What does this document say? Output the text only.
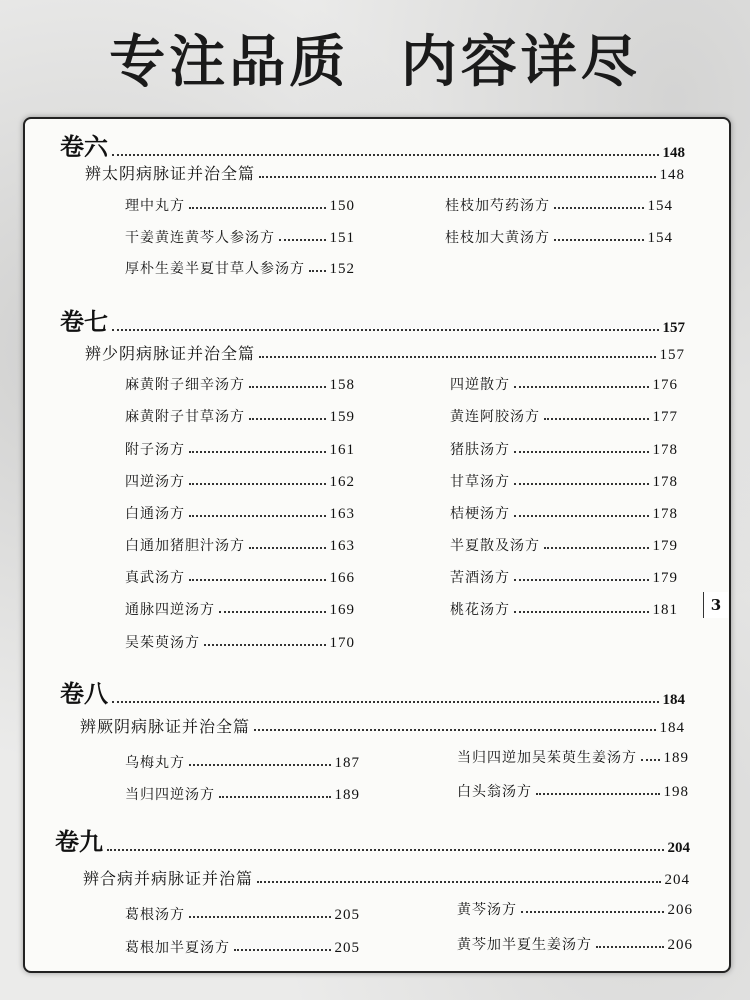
专注品质 内容详尽
卷六	148
辨太阴病脉证并治全篇	148
理中丸方	150
干姜黄连黄芩人参汤方	151
厚朴生姜半夏甘草人参汤方 152
桂枝加芍药汤方	154
桂枝加大黄汤方	154
卷七	157
辨少阴病脉证并治全篇	157
麻黄附子细辛汤方	158
麻黄附子甘草汤方	159
附子汤方	161
四逆汤方	162
白通汤方	163
白通加猪胆汁汤方	163
真武汤方	166
通脉四逆汤方	169
吴茱萸汤方	170
四逆散方	176
黄连阿胶汤方	177
猪肤汤方	178
甘草汤方	178
桔梗汤方	178
半夏散及汤方	179
苦酒汤方	179
桃花汤方	181
卷八	184
辨厥阴病脉证并治全篇	184
乌梅丸方	187
当归四逆汤方	189
当归四逆加吴茱萸生姜汤方 189
白头翁汤方	198
卷九	204
辨合病并病脉证并治篇	204
葛根汤方	205
葛根加半夏汤方	205
黄芩汤方	206
黄芩加半夏生姜汤方	206
3
